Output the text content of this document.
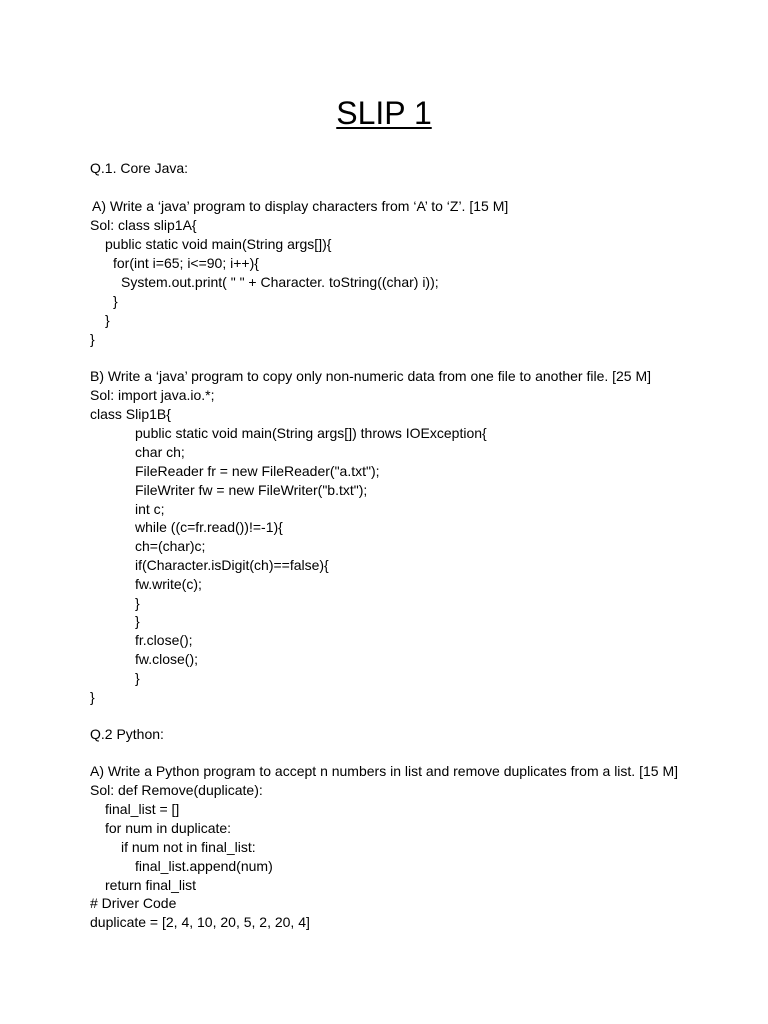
SLIP 1
Q.1. Core Java:
A) Write a ‘java’ program to display characters from ‘A’ to ‘Z’. [15 M]
Sol: class slip1A{
public static void main(String args[]){
for(int i=65; i<=90; i++){
System.out.print( " " + Character. toString((char) i));
}
}
}
B) Write a ‘java’ program to copy only non-numeric data from one file to another file. [25 M]
Sol: import java.io.*;
class Slip1B{
public static void main(String args[]) throws IOException{
char ch;
FileReader fr = new FileReader("a.txt");
FileWriter fw = new FileWriter("b.txt");
int c;
while ((c=fr.read())!=-1){
ch=(char)c;
if(Character.isDigit(ch)==false){
fw.write(c);
}
}
fr.close();
fw.close();
}
}
Q.2 Python:
A) Write a Python program to accept n numbers in list and remove duplicates from a list. [15 M]
Sol: def Remove(duplicate):
final_list = []
for num in duplicate:
if num not in final_list:
final_list.append(num)
return final_list
# Driver Code
duplicate = [2, 4, 10, 20, 5, 2, 20, 4]
